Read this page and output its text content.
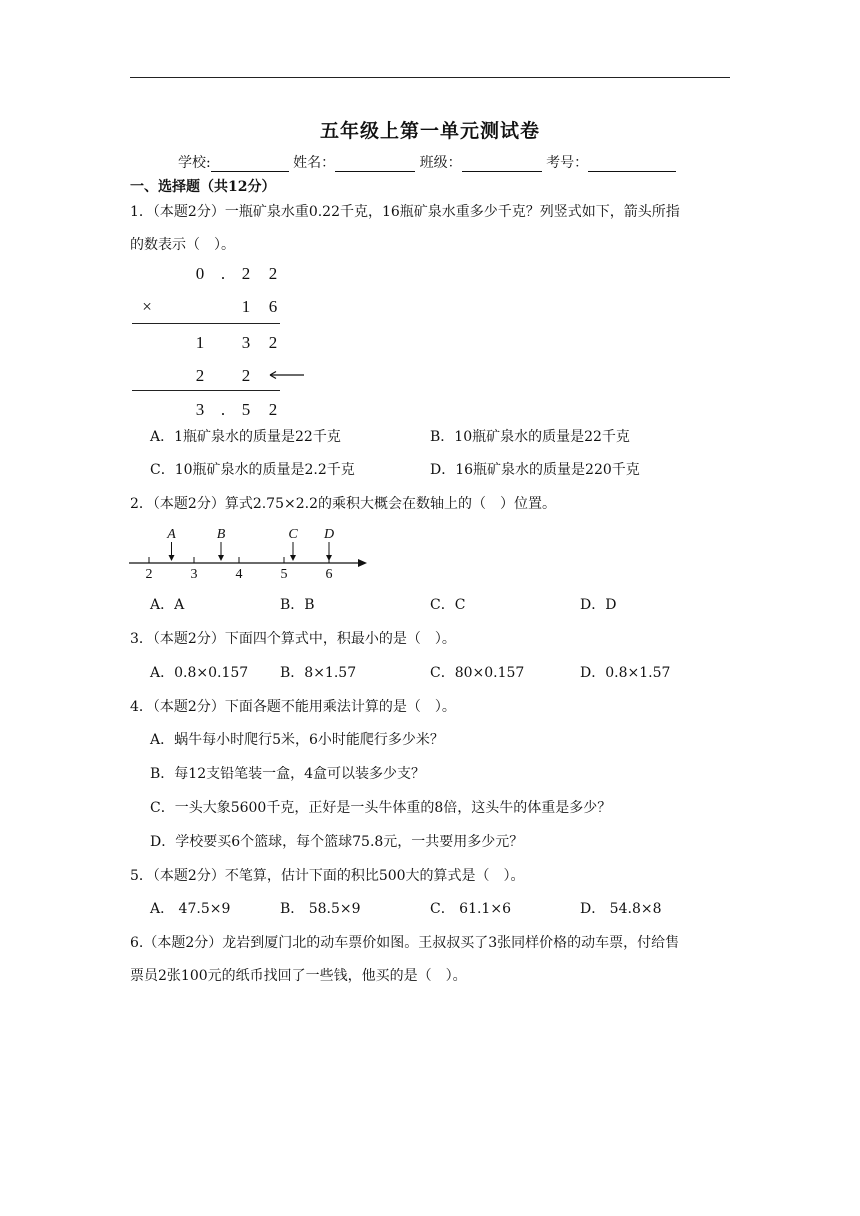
五年级上第一单元测试卷
学校:	姓名：	班级：	考号：
一、选择题（共12分）
1．（本题2分）一瓶矿泉水重0.22千克，16瓶矿泉水重多少千克？列竖式如下，箭头所指
的数表示（　）。
0 . 2	2
×	1	6
1	3	2
2	2
3 . 5	2
A．1瓶矿泉水的质量是22千克	B．10瓶矿泉水的质量是22千克
C．10瓶矿泉水的质量是2.2千克	D．16瓶矿泉水的质量是220千克
2．（本题2分）算式2.75×2.2的乘积大概会在数轴上的（　）位置。
2	3	4	5	6
A	B	C D
A．A	B．B	C．C	D．D
3．（本题2分）下面四个算式中，积最小的是（　）。
A．0.8×0.157 B．8×1.57	C．80×0.157	D．0.8×1.57
4．（本题2分）下面各题不能用乘法计算的是（　）。
A．蜗牛每小时爬行5米，6小时能爬行多少米？
B．每12支铅笔装一盒，4盒可以装多少支？
C．一头大象5600千克，正好是一头牛体重的8倍，这头牛的体重是多少？
D．学校要买6个篮球，每个篮球75.8元，一共要用多少元？
5．（本题2分）不笔算，估计下面的积比500大的算式是（　）。
A． 47.5×9	B． 58.5×9	C． 61.1×6	D． 54.8×8
6.（本题2分）龙岩到厦门北的动车票价如图。王叔叔买了3张同样价格的动车票，付给售
票员2张100元的纸币找回了一些钱，他买的是（　）。
